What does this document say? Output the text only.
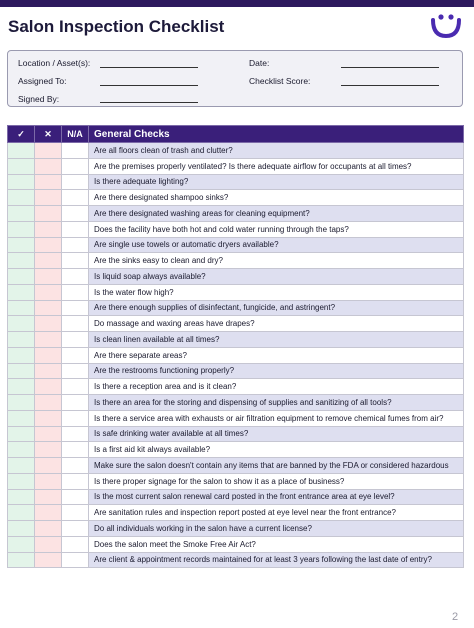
Salon Inspection Checklist
Location / Asset(s):
Assigned To:
Signed By:
Date:
Checklist Score:
✓	✕	N/A	General Checks
			Are all floors clean of trash and clutter?
			Are the premises properly ventilated? Is there adequate airflow for occupants at all times?
			Is there adequate lighting?
			Are there designated shampoo sinks?
			Are there designated washing areas for cleaning equipment?
			Does the facility have both hot and cold water running through the taps?
			Are single use towels or automatic dryers available?
			Are the sinks easy to clean and dry?
			Is liquid soap always available?
			Is the water flow high?
			Are there enough supplies of disinfectant, fungicide, and astringent?
			Do massage and waxing areas have drapes?
			Is clean linen available at all times?
			Are there separate areas?
			Are the restrooms functioning properly?
			Is there a reception area and is it clean?
			Is there an area for the storing and dispensing of supplies and sanitizing of all tools?
			Is there a service area with exhausts or air filtration equipment to remove chemical fumes from air?
			Is safe drinking water available at all times?
			Is a first aid kit always available?
			Make sure the salon doesn't contain any items that are banned by the FDA or considered hazardous
			Is there proper signage for the salon to show it as a place of business?
			Is the most current salon renewal card posted in the front entrance area at eye level?
			Are sanitation rules and inspection report posted at eye level near the front entrance?
			Do all individuals working in the salon have a current license?
			Does the salon meet the Smoke Free Air Act?
			Are client & appointment records maintained for at least 3 years following the last date of entry?
2
